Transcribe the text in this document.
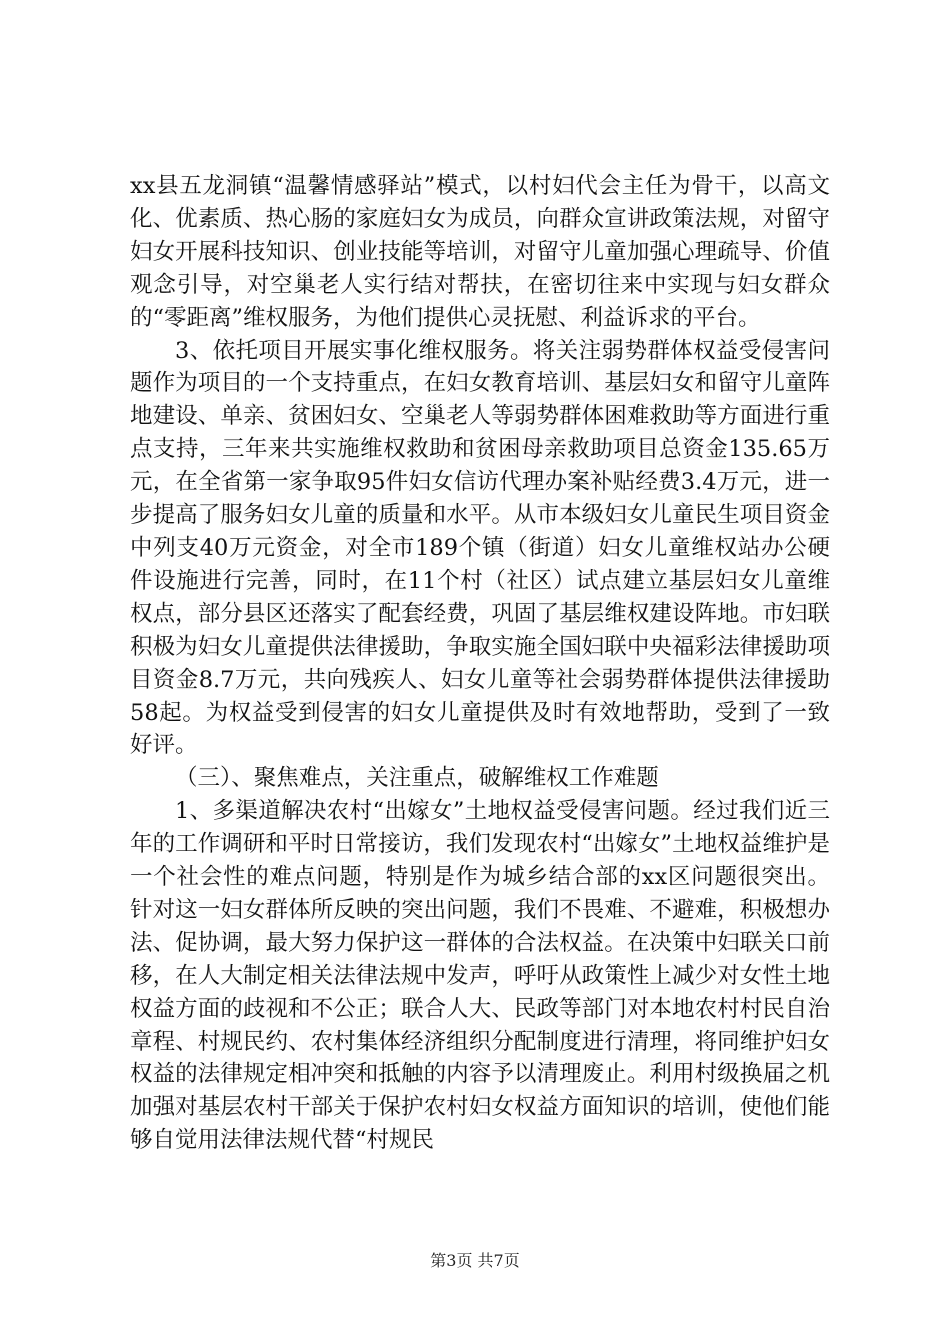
xx县五龙洞镇“温馨情感驿站”模式，以村妇代会主任为骨干，以高文化、优素质、热心肠的家庭妇女为成员，向群众宣讲政策法规，对留守妇女开展科技知识、创业技能等培训，对留守儿童加强心理疏导、价值观念引导，对空巢老人实行结对帮扶，在密切往来中实现与妇女群众的“零距离”维权服务，为他们提供心灵抚慰、利益诉求的平台。

3、依托项目开展实事化维权服务。将关注弱势群体权益受侵害问题作为项目的一个支持重点，在妇女教育培训、基层妇女和留守儿童阵地建设、单亲、贫困妇女、空巢老人等弱势群体困难救助等方面进行重点支持，三年来共实施维权救助和贫困母亲救助项目总资金135.65万元，在全省第一家争取95件妇女信访代理办案补贴经费3.4万元，进一步提高了服务妇女儿童的质量和水平。从市本级妇女儿童民生项目资金中列支40万元资金，对全市189个镇（街道）妇女儿童维权站办公硬件设施进行完善，同时，在11个村（社区）试点建立基层妇女儿童维权点，部分县区还落实了配套经费，巩固了基层维权建设阵地。市妇联积极为妇女儿童提供法律援助，争取实施全国妇联中央福彩法律援助项目资金8.7万元，共向残疾人、妇女儿童等社会弱势群体提供法律援助58起。为权益受到侵害的妇女儿童提供及时有效地帮助，受到了一致好评。

（三）、聚焦难点，关注重点，破解维权工作难题

1、多渠道解决农村“出嫁女”土地权益受侵害问题。经过我们近三年的工作调研和平时日常接访，我们发现农村“出嫁女”土地权益维护是一个社会性的难点问题，特别是作为城乡结合部的xx区问题很突出。针对这一妇女群体所反映的突出问题，我们不畏难、不避难，积极想办法、促协调，最大努力保护这一群体的合法权益。在决策中妇联关口前移，在人大制定相关法律法规中发声，呼吁从政策性上减少对女性土地权益方面的歧视和不公正；联合人大、民政等部门对本地农村村民自治章程、村规民约、农村集体经济组织分配制度进行清理，将同维护妇女权益的法律规定相冲突和抵触的内容予以清理废止。利用村级换届之机加强对基层农村干部关于保护农村妇女权益方面知识的培训，使他们能够自觉用法律法规代替“村规民

第3页 共7页
